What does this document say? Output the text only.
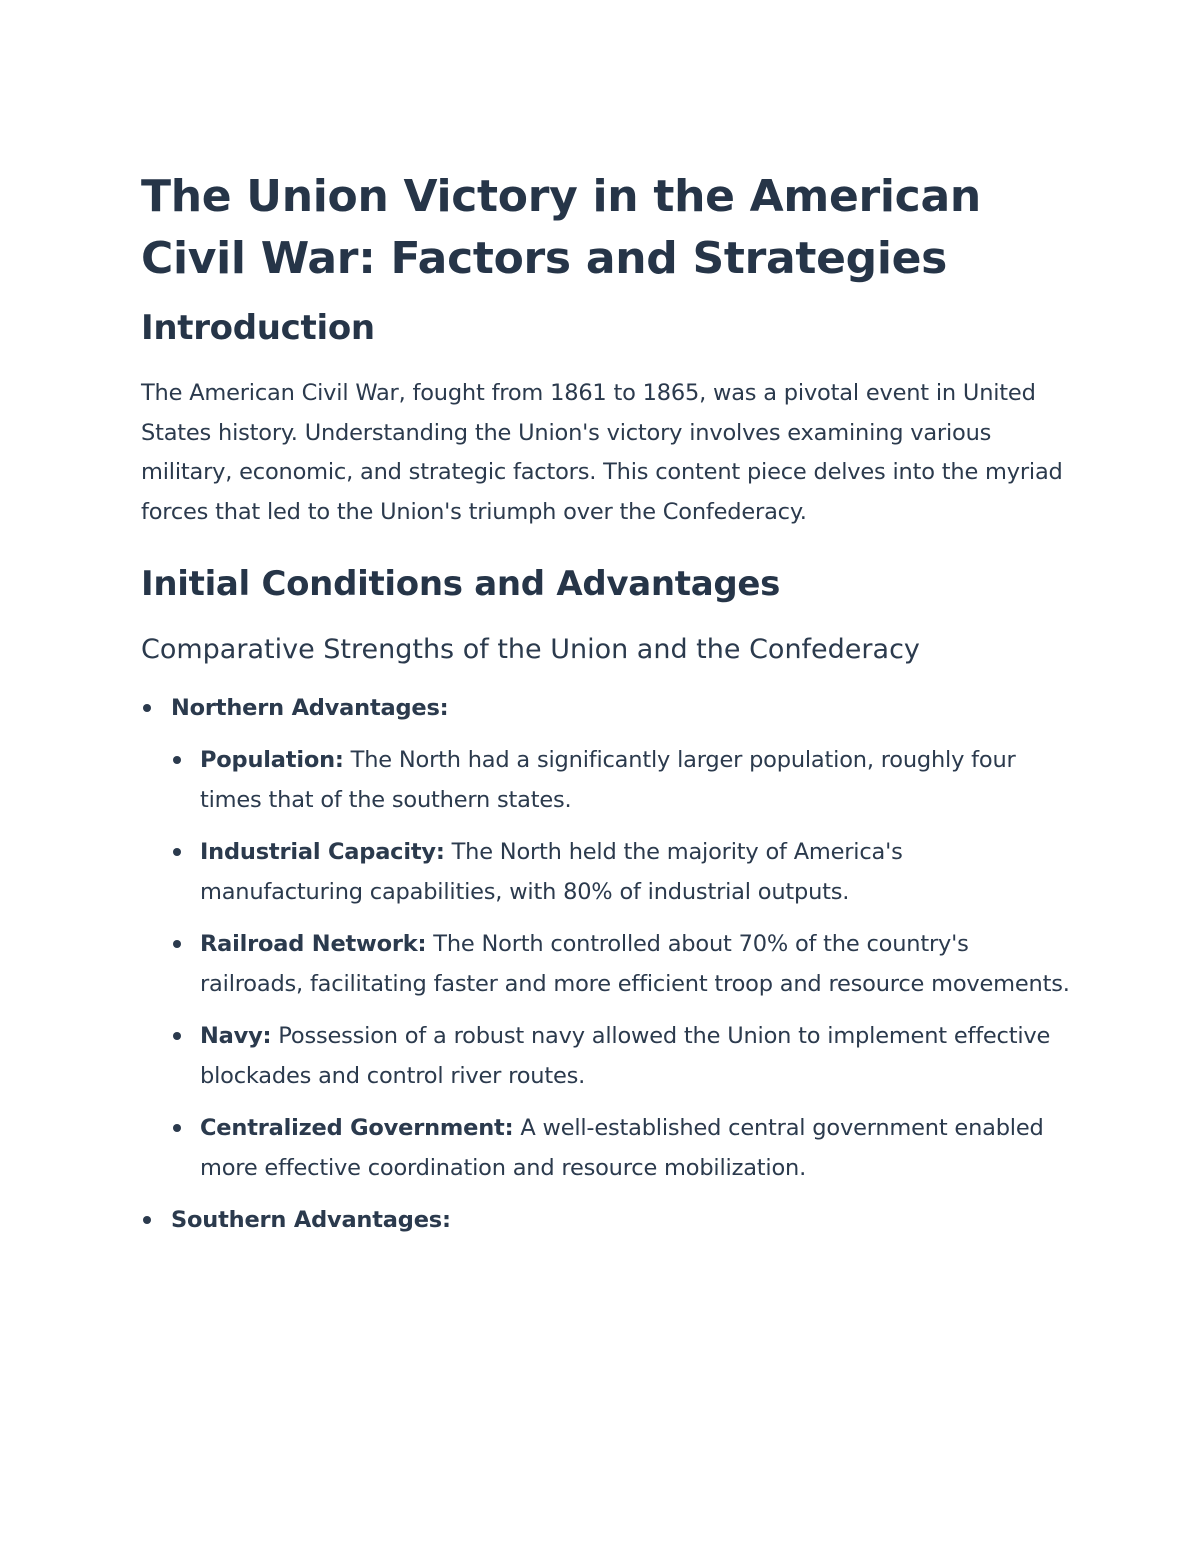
The Union Victory in the American Civil War: Factors and Strategies
Introduction

The American Civil War, fought from 1861 to 1865, was a pivotal event in United States history. Understanding the Union's victory involves examining various military, economic, and strategic factors. This content piece delves into the myriad forces that led to the Union's triumph over the Confederacy.

Initial Conditions and Advantages
Comparative Strengths of the Union and the Confederacy
Northern Advantages:
Population: The North had a significantly larger population, roughly four times that of the southern states.
Industrial Capacity: The North held the majority of America's manufacturing capabilities, with 80% of industrial outputs.
Railroad Network: The North controlled about 70% of the country's railroads, facilitating faster and more efficient troop and resource movements.
Navy: Possession of a robust navy allowed the Union to implement effective blockades and control river routes.
Centralized Government: A well-established central government enabled more effective coordination and resource mobilization.
Southern Advantages:
